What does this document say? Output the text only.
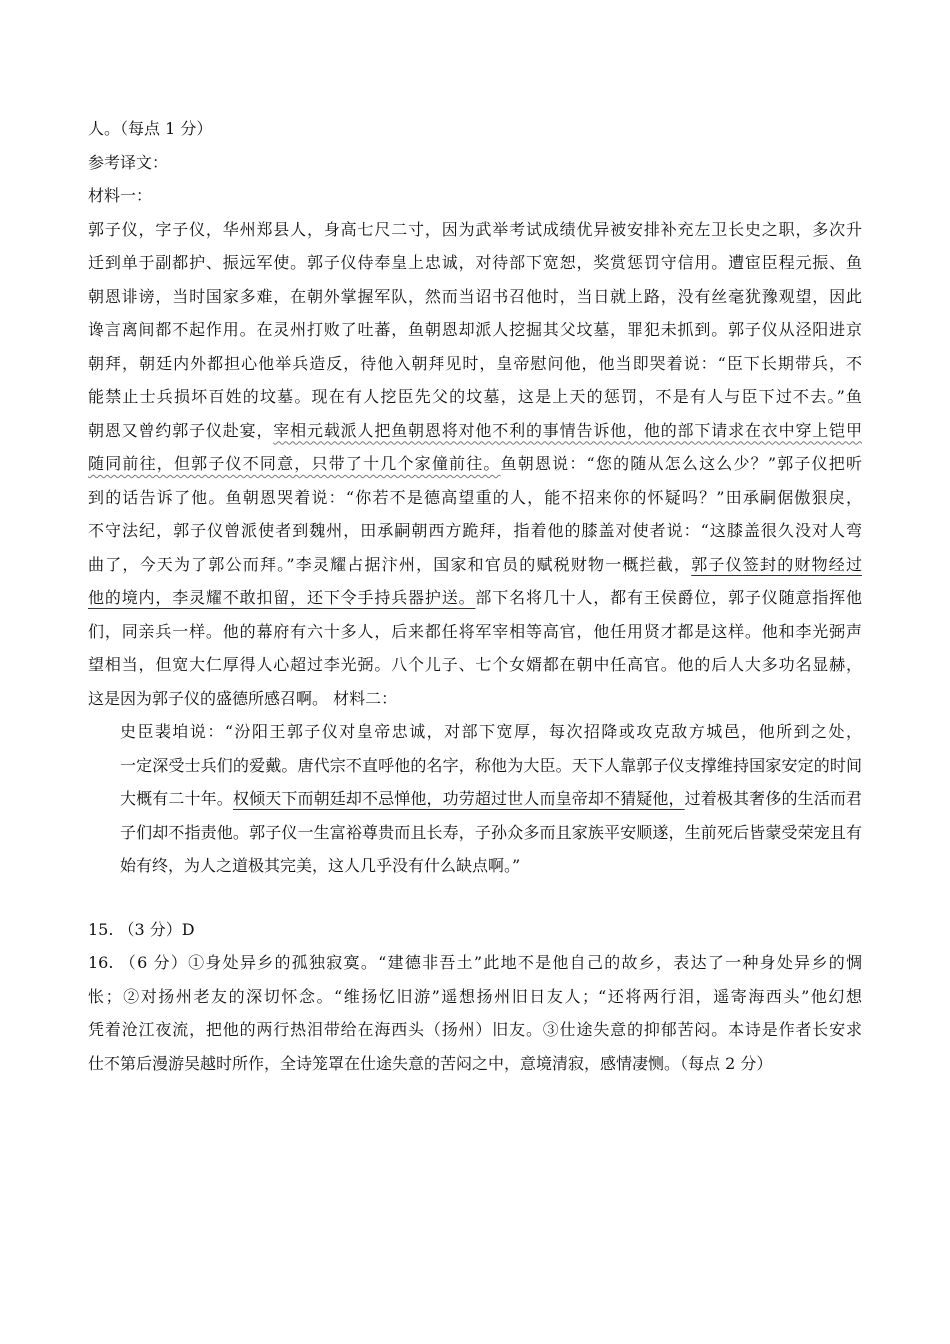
人。（每点 1 分）
参考译文：
材料一：
郭子仪，字子仪，华州郑县人，身高七尺二寸，因为武举考试成绩优异被安排补充左卫长史之职，多次升
迁到单于副都护、振远军使。郭子仪侍奉皇上忠诚，对待部下宽恕，奖赏惩罚守信用。遭宦臣程元振、鱼
朝恩诽谤，当时国家多难，在朝外掌握军队，然而当诏书召他时，当日就上路，没有丝毫犹豫观望，因此
谗言离间都不起作用。在灵州打败了吐蕃，鱼朝恩却派人挖掘其父坟墓，罪犯未抓到。郭子仪从泾阳进京
朝拜，朝廷内外都担心他举兵造反，待他入朝拜见时，皇帝慰问他，他当即哭着说：“臣下长期带兵，不
能禁止士兵损坏百姓的坟墓。现在有人挖臣先父的坟墓，这是上天的惩罚，不是有人与臣下过不去。”鱼
朝恩又曾约郭子仪赴宴，宰相元载派人把鱼朝恩将对他不利的事情告诉他，他的部下请求在衣中穿上铠甲
随同前往，但郭子仪不同意，只带了十几个家僮前往。鱼朝恩说：“您的随从怎么这么少？”郭子仪把听
到的话告诉了他。鱼朝恩哭着说：“你若不是德高望重的人，能不招来你的怀疑吗？”田承嗣倨傲狠戾，
不守法纪，郭子仪曾派使者到魏州，田承嗣朝西方跪拜，指着他的膝盖对使者说：“这膝盖很久没对人弯
曲了，今天为了郭公而拜。”李灵耀占据汴州，国家和官员的赋税财物一概拦截，郭子仪签封的财物经过
他的境内，李灵耀不敢扣留，还下令手持兵器护送。部下名将几十人，都有王侯爵位，郭子仪随意指挥他
们，同亲兵一样。他的幕府有六十多人，后来都任将军宰相等高官，他任用贤才都是这样。他和李光弼声
望相当，但宽大仁厚得人心超过李光弼。八个儿子、七个女婿都在朝中任高官。他的后人大多功名显赫，
这是因为郭子仪的盛德所感召啊。 材料二：
史臣裴垍说：“汾阳王郭子仪对皇帝忠诚，对部下宽厚，每次招降或攻克敌方城邑，他所到之处，
一定深受士兵们的爱戴。唐代宗不直呼他的名字，称他为大臣。天下人靠郭子仪支撑维持国家安定的时间
大概有二十年。权倾天下而朝廷却不忌惮他，功劳超过世人而皇帝却不猜疑他，过着极其奢侈的生活而君
子们却不指责他。郭子仪一生富裕尊贵而且长寿，子孙众多而且家族平安顺遂，生前死后皆蒙受荣宠且有
始有终，为人之道极其完美，这人几乎没有什么缺点啊。”
15. （3 分）D
16. （6 分）①身处异乡的孤独寂寞。“建德非吾土”此地不是他自己的故乡，表达了一种身处异乡的惆
怅；②对扬州老友的深切怀念。“维扬忆旧游”遥想扬州旧日友人；“还将两行泪，遥寄海西头”他幻想
凭着沧江夜流，把他的两行热泪带给在海西头（扬州）旧友。③仕途失意的抑郁苦闷。本诗是作者长安求
仕不第后漫游吴越时所作，全诗笼罩在仕途失意的苦闷之中，意境清寂，感情凄恻。（每点 2 分）
